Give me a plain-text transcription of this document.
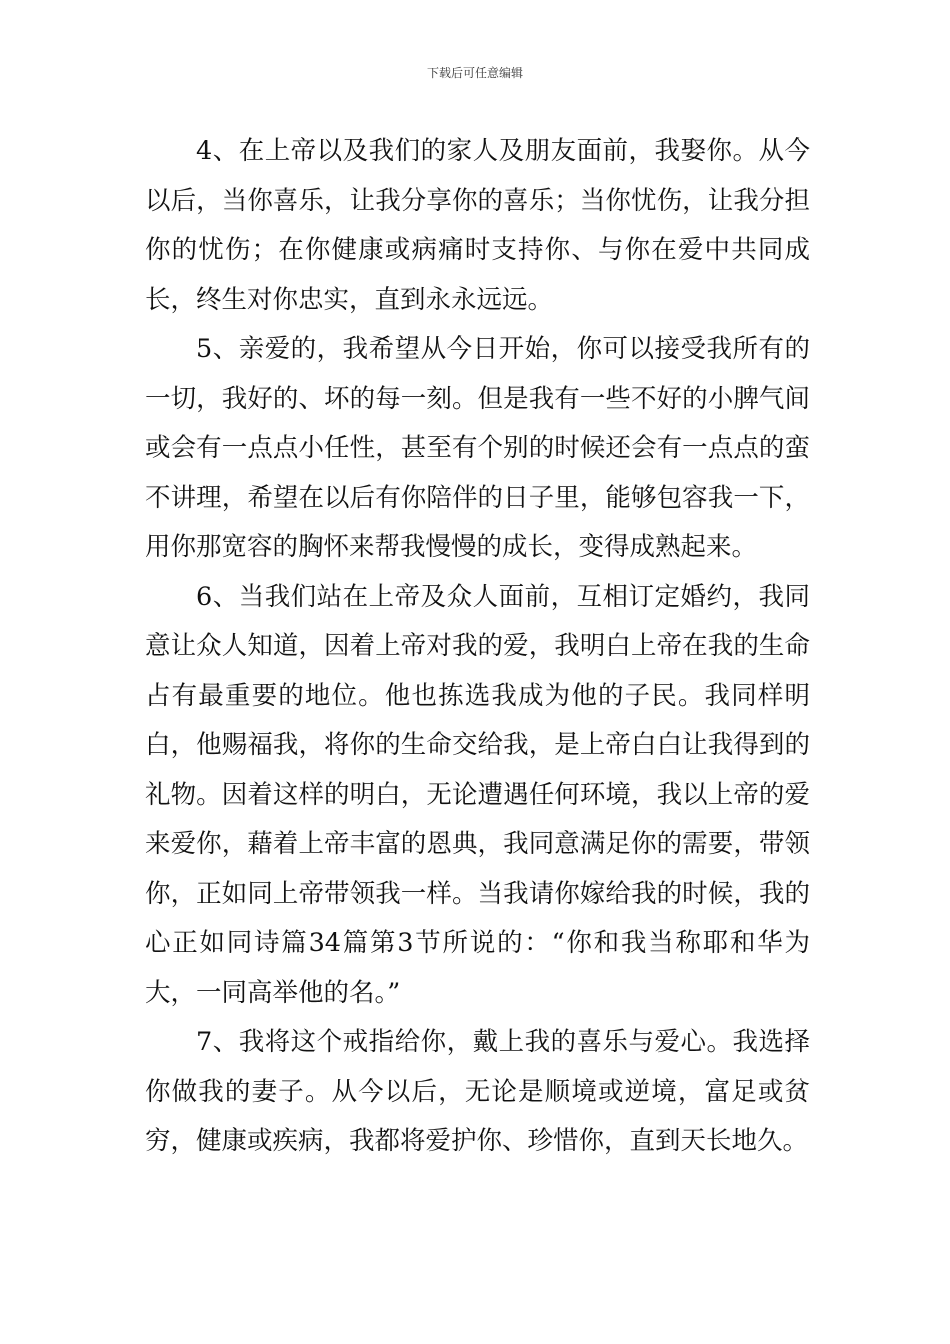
下载后可任意编辑

4、在上帝以及我们的家人及朋友面前，我娶你。从今以后，当你喜乐，让我分享你的喜乐；当你忧伤，让我分担你的忧伤；在你健康或病痛时支持你、与你在爱中共同成长，终生对你忠实，直到永永远远。

5、亲爱的，我希望从今日开始，你可以接受我所有的一切，我好的、坏的每一刻。但是我有一些不好的小脾气间或会有一点点小任性，甚至有个别的时候还会有一点点的蛮不讲理，希望在以后有你陪伴的日子里，能够包容我一下，用你那宽容的胸怀来帮我慢慢的成长，变得成熟起来。

6、当我们站在上帝及众人面前，互相订定婚约，我同意让众人知道，因着上帝对我的爱，我明白上帝在我的生命占有最重要的地位。他也拣选我成为他的子民。我同样明白，他赐福我，将你的生命交给我，是上帝白白让我得到的礼物。因着这样的明白，无论遭遇任何环境，我以上帝的爱来爱你，藉着上帝丰富的恩典，我同意满足你的需要，带领你，正如同上帝带领我一样。当我请你嫁给我的时候，我的心正如同诗篇34篇第3节所说的：“你和我当称耶和华为大，一同高举他的名。”

7、我将这个戒指给你，戴上我的喜乐与爱心。我选择你做我的妻子。从今以后，无论是顺境或逆境，富足或贫穷，健康或疾病，我都将爱护你、珍惜你，直到天长地久。
